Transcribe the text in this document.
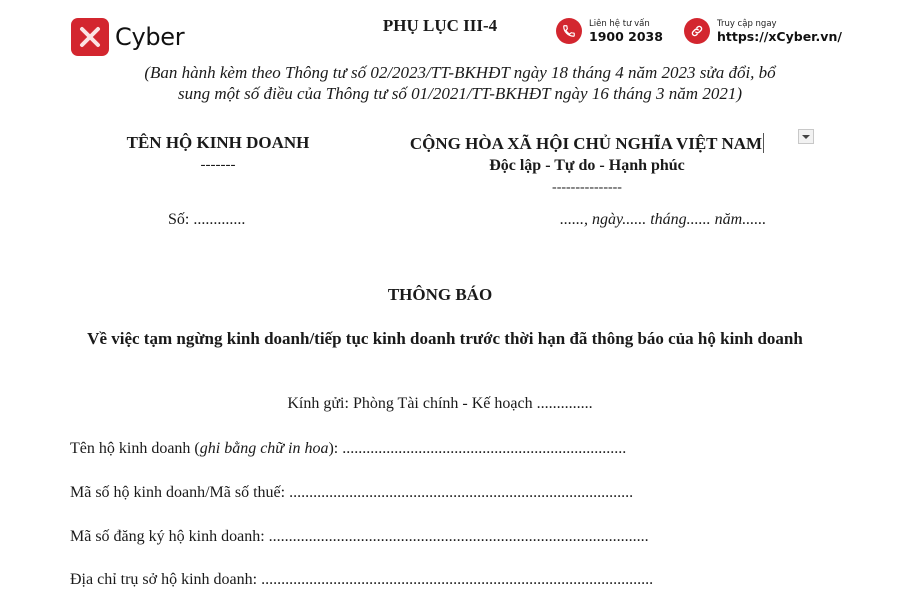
Cyber	PHỤ LỤC III-4	Liên hệ tư vấn
1900 2038
Truy cập ngay
https://xCyber.vn/
(Ban hành kèm theo Thông tư số 02/2023/TT-BKHĐT ngày 18 tháng 4 năm 2023 sửa đổi, bổ
sung một số điều của Thông tư số 01/2021/TT-BKHĐT ngày 16 tháng 3 năm 2021)
TÊN HỘ KINH DOANH
-------
CỘNG HÒA XÃ HỘI CHỦ NGHĨA VIỆT NAM
Độc lập - Tự do - Hạnh phúc
---------------
Số: .............	......, ngày...... tháng...... năm......
THÔNG BÁO
Về việc tạm ngừng kinh doanh/tiếp tục kinh doanh trước thời hạn đã thông báo của hộ kinh doanh
Kính gửi: Phòng Tài chính - Kế hoạch ..............
Tên hộ kinh doanh (ghi bằng chữ in hoa): .......................................................................
Mã số hộ kinh doanh/Mã số thuế: ......................................................................................
Mã số đăng ký hộ kinh doanh: ...............................................................................................
Địa chỉ trụ sở hộ kinh doanh: ..................................................................................................
